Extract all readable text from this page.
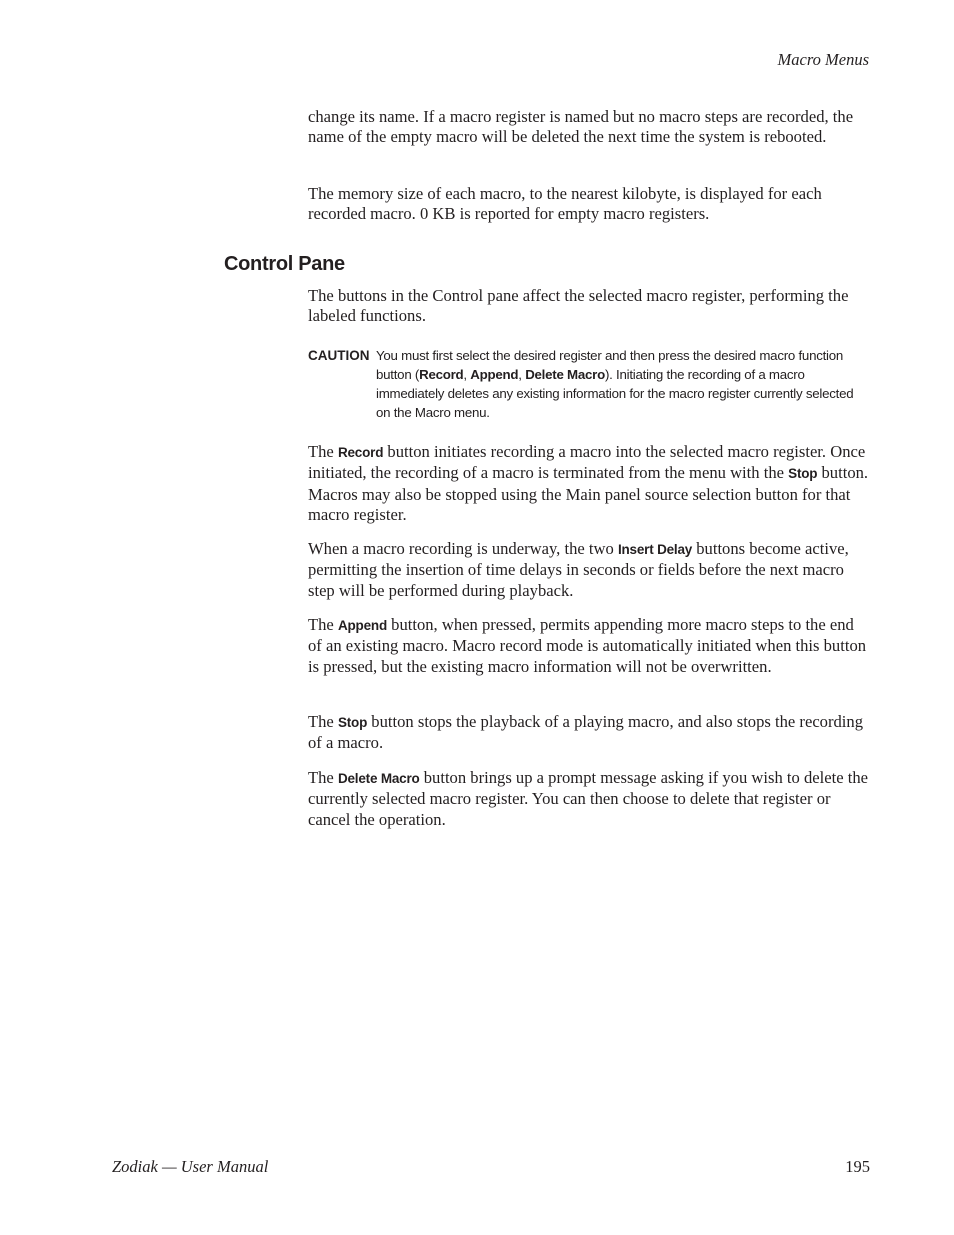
Macro Menus

change its name. If a macro register is named but no macro steps are recorded, the name of the empty macro will be deleted the next time the system is rebooted.

The memory size of each macro, to the nearest kilobyte, is displayed for each recorded macro. 0 KB is reported for empty macro registers.

Control Pane

The buttons in the Control pane affect the selected macro register, performing the labeled functions.

CAUTION You must first select the desired register and then press the desired macro function button (Record, Append, Delete Macro). Initiating the recording of a macro immediately deletes any existing information for the macro register currently selected on the Macro menu.

The Record button initiates recording a macro into the selected macro register. Once initiated, the recording of a macro is terminated from the menu with the Stop button. Macros may also be stopped using the Main panel source selection button for that macro register.

When a macro recording is underway, the two Insert Delay buttons become active, permitting the insertion of time delays in seconds or fields before the next macro step will be performed during playback.

The Append button, when pressed, permits appending more macro steps to the end of an existing macro. Macro record mode is automatically initiated when this button is pressed, but the existing macro information will not be overwritten.

The Stop button stops the playback of a playing macro, and also stops the recording of a macro.

The Delete Macro button brings up a prompt message asking if you wish to delete the currently selected macro register. You can then choose to delete that register or cancel the operation.

Zodiak — User Manual	195
